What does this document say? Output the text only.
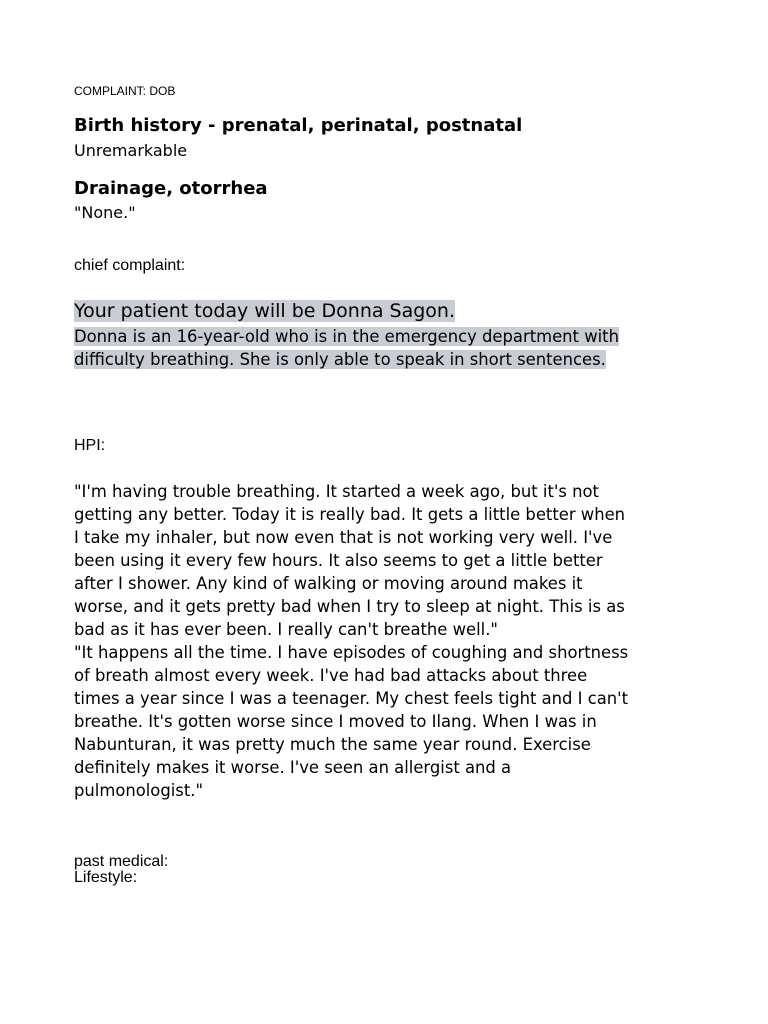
COMPLAINT: DOB
Birth history - prenatal, perinatal, postnatal
Unremarkable
Drainage, otorrhea
"None."
chief complaint:
Your patient today will be Donna Sagon.
Donna is an 16-year-old who is in the emergency department with
difficulty breathing. She is only able to speak in short sentences.
HPI:
"I'm having trouble breathing. It started a week ago, but it's not
getting any better. Today it is really bad. It gets a little better when
I take my inhaler, but now even that is not working very well. I've
been using it every few hours. It also seems to get a little better
after I shower. Any kind of walking or moving around makes it
worse, and it gets pretty bad when I try to sleep at night. This is as
bad as it has ever been. I really can't breathe well."
"It happens all the time. I have episodes of coughing and shortness
of breath almost every week. I've had bad attacks about three
times a year since I was a teenager. My chest feels tight and I can't
breathe. It's gotten worse since I moved to Ilang. When I was in
Nabunturan, it was pretty much the same year round. Exercise
definitely makes it worse. I've seen an allergist and a
pulmonologist."
past medical:
Lifestyle:
